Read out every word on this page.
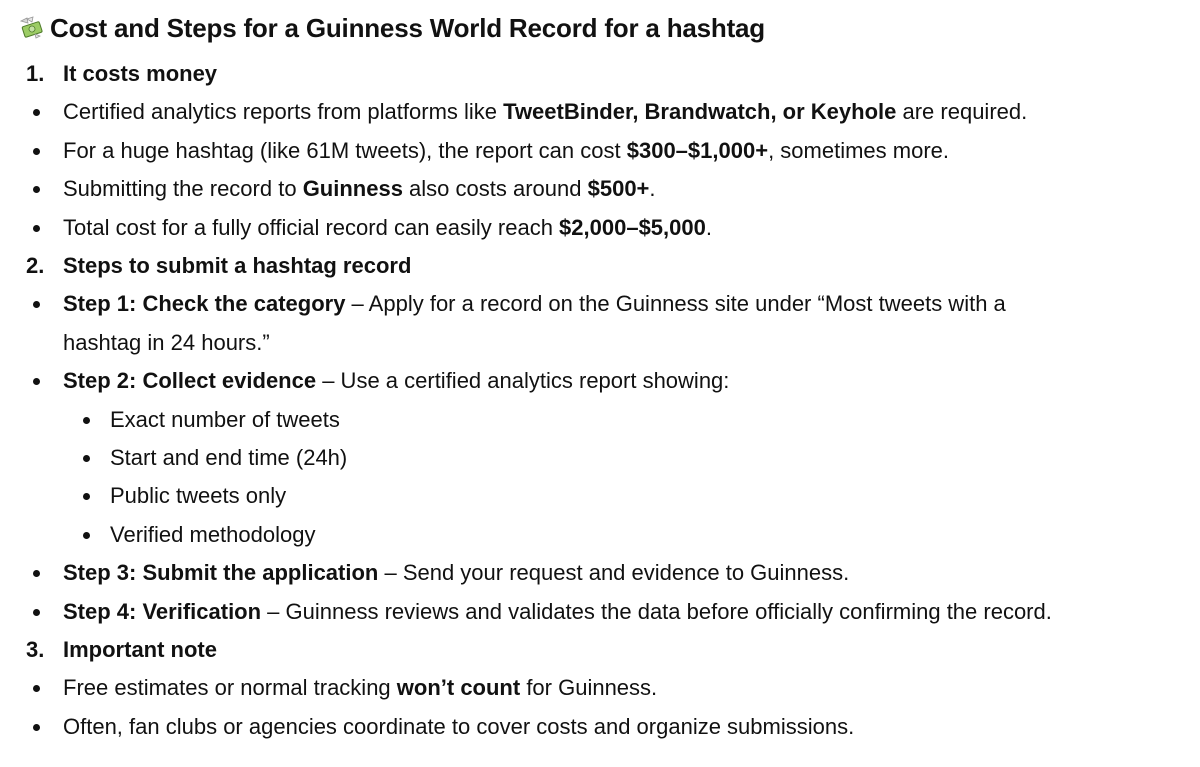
Cost and Steps for a Guinness World Record for a hashtag
1. It costs money
Certified analytics reports from platforms like TweetBinder, Brandwatch, or Keyhole are required.
For a huge hashtag (like 61M tweets), the report can cost $300–$1,000+, sometimes more.
Submitting the record to Guinness also costs around $500+.
Total cost for a fully official record can easily reach $2,000–$5,000.
2. Steps to submit a hashtag record
Step 1: Check the category – Apply for a record on the Guinness site under “Most tweets with a
hashtag in 24 hours.”
Step 2: Collect evidence – Use a certified analytics report showing:
Exact number of tweets
Start and end time (24h)
Public tweets only
Verified methodology
Step 3: Submit the application – Send your request and evidence to Guinness.
Step 4: Verification – Guinness reviews and validates the data before officially confirming the record.
3. Important note
Free estimates or normal tracking won’t count for Guinness.
Often, fan clubs or agencies coordinate to cover costs and organize submissions.
